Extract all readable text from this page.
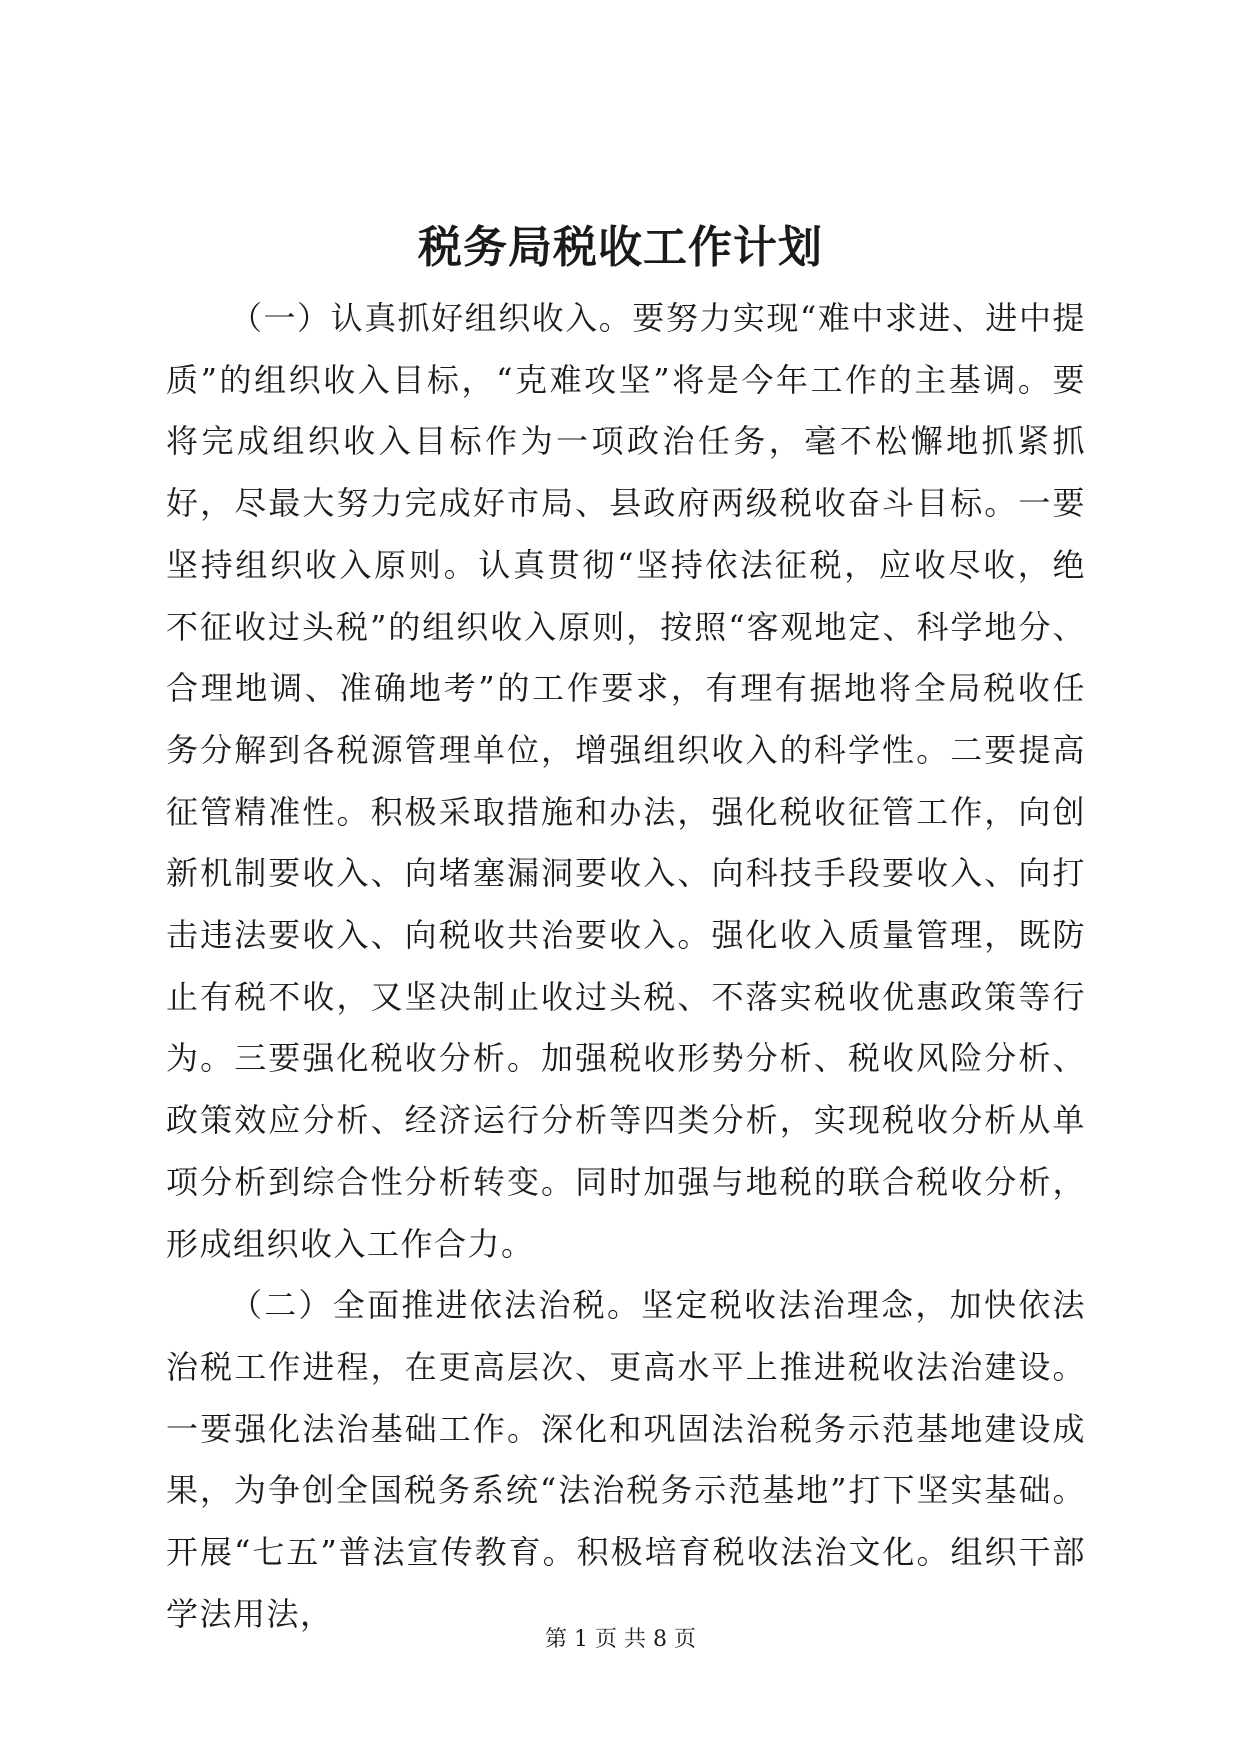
税务局税收工作计划

（一）认真抓好组织收入。要努力实现“难中求进、进中提质”的组织收入目标，“克难攻坚”将是今年工作的主基调。要将完成组织收入目标作为一项政治任务，毫不松懈地抓紧抓好，尽最大努力完成好市局、县政府两级税收奋斗目标。一要坚持组织收入原则。认真贯彻“坚持依法征税，应收尽收，绝不征收过头税”的组织收入原则，按照“客观地定、科学地分、合理地调、准确地考”的工作要求，有理有据地将全局税收任务分解到各税源管理单位，增强组织收入的科学性。二要提高征管精准性。积极采取措施和办法，强化税收征管工作，向创新机制要收入、向堵塞漏洞要收入、向科技手段要收入、向打击违法要收入、向税收共治要收入。强化收入质量管理，既防止有税不收，又坚决制止收过头税、不落实税收优惠政策等行为。三要强化税收分析。加强税收形势分析、税收风险分析、政策效应分析、经济运行分析等四类分析，实现税收分析从单项分析到综合性分析转变。同时加强与地税的联合税收分析，形成组织收入工作合力。

（二）全面推进依法治税。坚定税收法治理念，加快依法治税工作进程，在更高层次、更高水平上推进税收法治建设。一要强化法治基础工作。深化和巩固法治税务示范基地建设成果，为争创全国税务系统“法治税务示范基地”打下坚实基础。开展“七五”普法宣传教育。积极培育税收法治文化。组织干部学法用法，

第 1 页 共 8 页
